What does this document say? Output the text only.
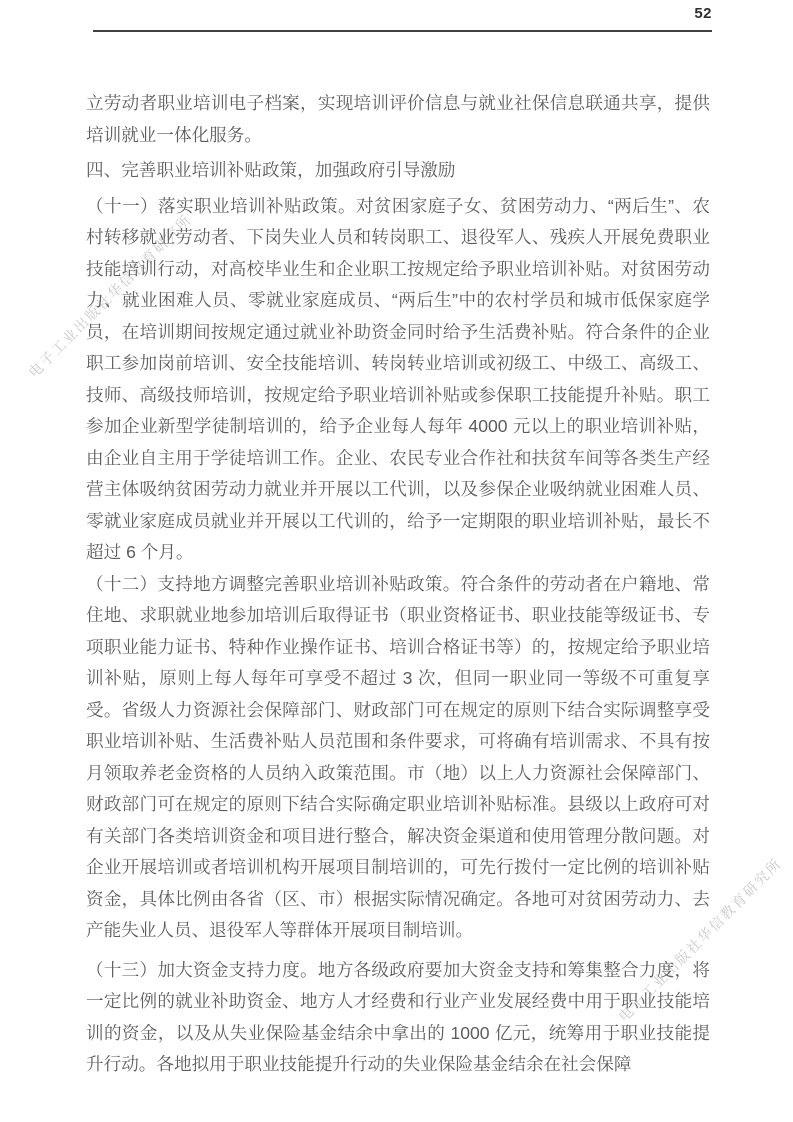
52
电子工业出版社华信教育研究所
电子工业出版社华信教育研究所

立劳动者职业培训电子档案，实现培训评价信息与就业社保信息联通共享，提供培训就业一体化服务。

四、完善职业培训补贴政策，加强政府引导激励

（十一）落实职业培训补贴政策。对贫困家庭子女、贫困劳动力、“两后生”、农村转移就业劳动者、下岗失业人员和转岗职工、退役军人、残疾人开展免费职业技能培训行动，对高校毕业生和企业职工按规定给予职业培训补贴。对贫困劳动力、就业困难人员、零就业家庭成员、“两后生”中的农村学员和城市低保家庭学员，在培训期间按规定通过就业补助资金同时给予生活费补贴。符合条件的企业职工参加岗前培训、安全技能培训、转岗转业培训或初级工、中级工、高级工、技师、高级技师培训，按规定给予职业培训补贴或参保职工技能提升补贴。职工参加企业新型学徒制培训的，给予企业每人每年 4000 元以上的职业培训补贴，由企业自主用于学徒培训工作。企业、农民专业合作社和扶贫车间等各类生产经营主体吸纳贫困劳动力就业并开展以工代训，以及参保企业吸纳就业困难人员、零就业家庭成员就业并开展以工代训的，给予一定期限的职业培训补贴，最长不超过 6 个月。

（十二）支持地方调整完善职业培训补贴政策。符合条件的劳动者在户籍地、常住地、求职就业地参加培训后取得证书（职业资格证书、职业技能等级证书、专项职业能力证书、特种作业操作证书、培训合格证书等）的，按规定给予职业培训补贴，原则上每人每年可享受不超过 3 次，但同一职业同一等级不可重复享受。省级人力资源社会保障部门、财政部门可在规定的原则下结合实际调整享受职业培训补贴、生活费补贴人员范围和条件要求，可将确有培训需求、不具有按月领取养老金资格的人员纳入政策范围。市（地）以上人力资源社会保障部门、财政部门可在规定的原则下结合实际确定职业培训补贴标准。县级以上政府可对有关部门各类培训资金和项目进行整合，解决资金渠道和使用管理分散问题。对企业开展培训或者培训机构开展项目制培训的，可先行拨付一定比例的培训补贴资金，具体比例由各省（区、市）根据实际情况确定。各地可对贫困劳动力、去产能失业人员、退役军人等群体开展项目制培训。

（十三）加大资金支持力度。地方各级政府要加大资金支持和筹集整合力度，将一定比例的就业补助资金、地方人才经费和行业产业发展经费中用于职业技能培训的资金，以及从失业保险基金结余中拿出的 1000 亿元，统筹用于职业技能提升行动。各地拟用于职业技能提升行动的失业保险基金结余在社会保障
